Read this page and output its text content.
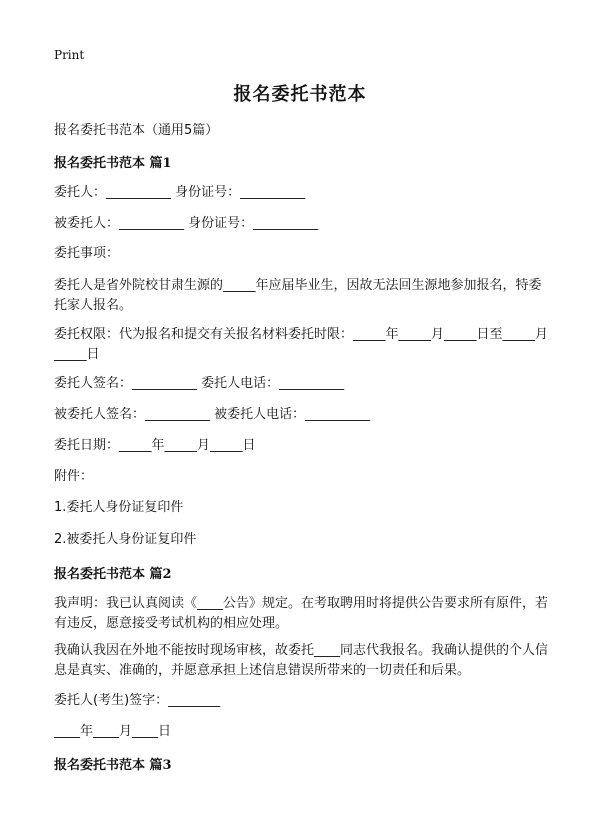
Print
报名委托书范本

报名委托书范本（通用5篇）

报名委托书范本 篇1

委托人：__________ 身份证号：__________

被委托人：__________ 身份证号：__________

委托事项：

委托人是省外院校甘肃生源的_____年应届毕业生，因故无法回生源地参加报名，特委托家人报名。

委托权限：代为报名和提交有关报名材料委托时限：_____年_____月_____日至_____月_____日

委托人签名：__________ 委托人电话：__________

被委托人签名：__________ 被委托人电话：__________

委托日期：_____年_____月_____日

附件：

1.委托人身份证复印件

2.被委托人身份证复印件

报名委托书范本 篇2

我声明：我已认真阅读《____公告》规定。在考取聘用时将提供公告要求所有原件，若有违反，愿意接受考试机构的相应处理。

我确认我因在外地不能按时现场审核，故委托____同志代我报名。我确认提供的个人信息是真实、准确的，并愿意承担上述信息错误所带来的一切责任和后果。

委托人(考生)签字：________

____年____月____日

报名委托书范本 篇3
